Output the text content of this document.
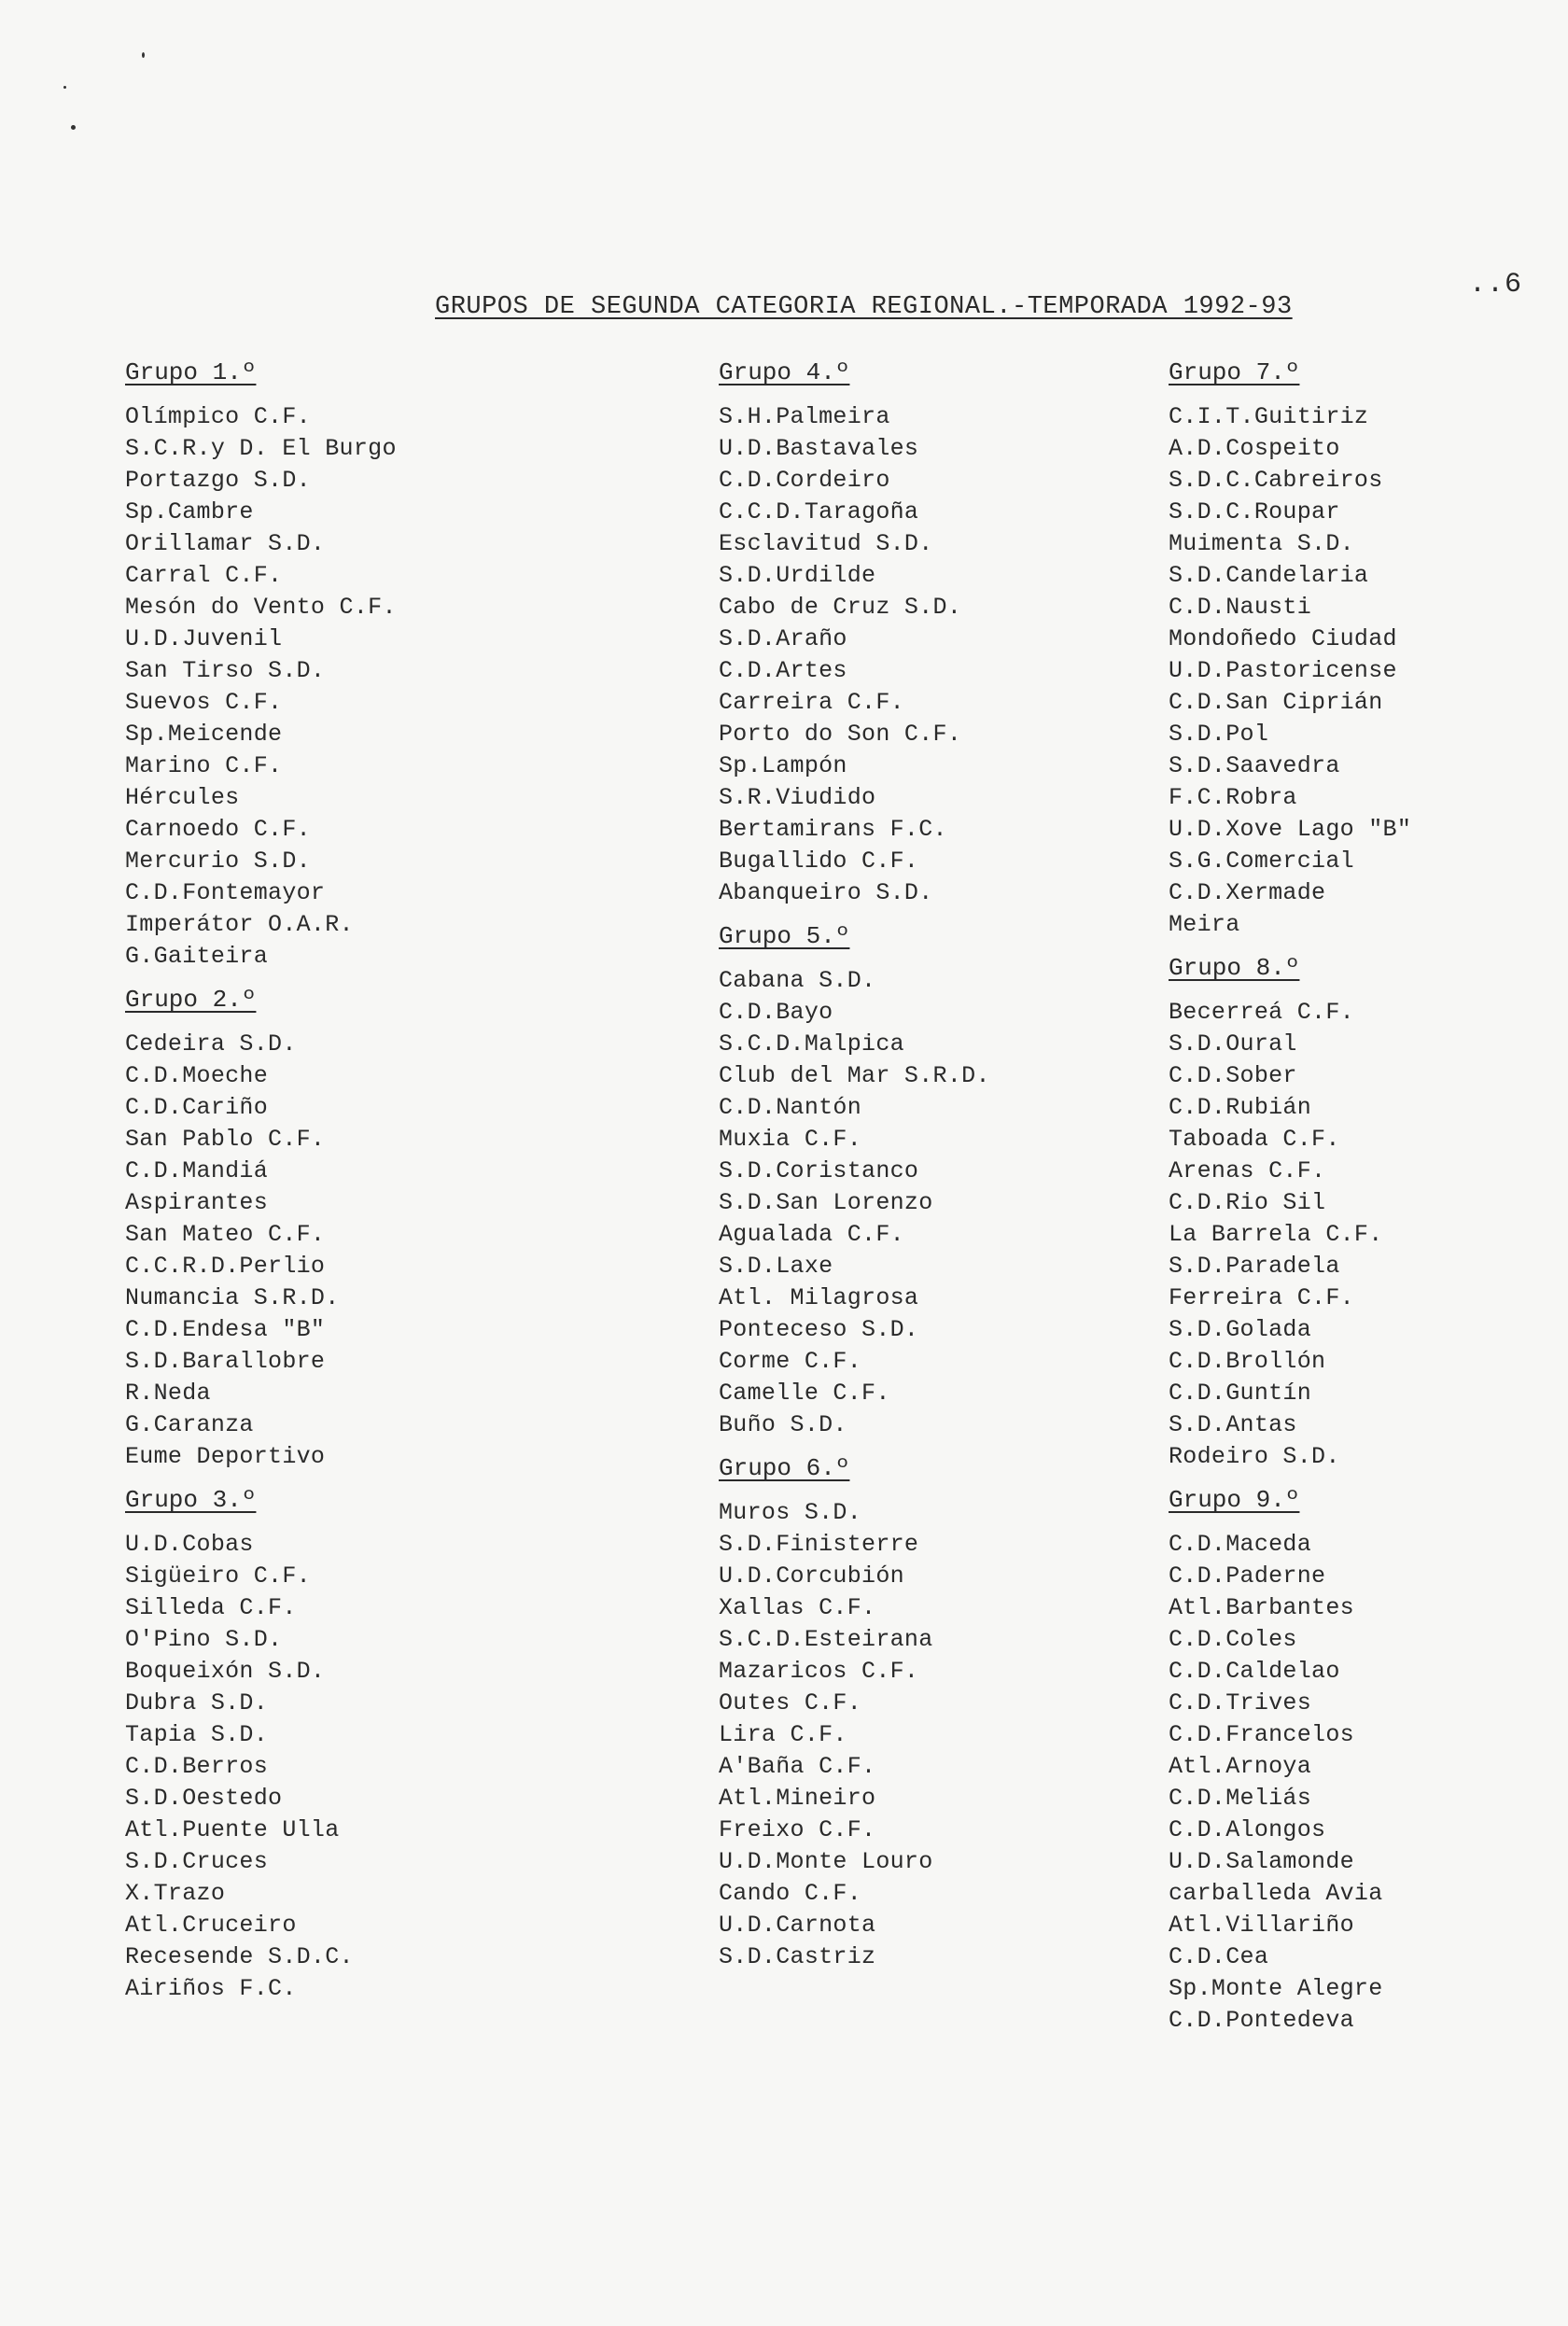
..6
GRUPOS DE SEGUNDA CATEGORIA REGIONAL.-TEMPORADA 1992-93
Grupo 1.º
Olímpico C.F.
S.C.R.y D. El Burgo
Portazgo S.D.
Sp.Cambre
Orillamar S.D.
Carral C.F.
Mesón do Vento C.F.
U.D.Juvenil
San Tirso S.D.
Suevos C.F.
Sp.Meicende
Marino C.F.
Hércules
Carnoedo C.F.
Mercurio S.D.
C.D.Fontemayor
Imperátor O.A.R.
G.Gaiteira
Grupo 2.º
Cedeira S.D.
C.D.Moeche
C.D.Cariño
San Pablo C.F.
C.D.Mandiá
Aspirantes
San Mateo C.F.
C.C.R.D.Perlio
Numancia S.R.D.
C.D.Endesa "B"
S.D.Barallobre
R.Neda
G.Caranza
Eume Deportivo
Grupo 3.º
U.D.Cobas
Sigüeiro C.F.
Silleda C.F.
O'Pino S.D.
Boqueixón S.D.
Dubra S.D.
Tapia S.D.
C.D.Berros
S.D.Oestedo
Atl.Puente Ulla
S.D.Cruces
X.Trazo
Atl.Cruceiro
Recesende S.D.C.
Airiños F.C.
Grupo 4.º
S.H.Palmeira
U.D.Bastavales
C.D.Cordeiro
C.C.D.Taragoña
Esclavitud S.D.
S.D.Urdilde
Cabo de Cruz S.D.
S.D.Araño
C.D.Artes
Carreira C.F.
Porto do Son C.F.
Sp.Lampón
S.R.Viudido
Bertamirans F.C.
Bugallido C.F.
Abanqueiro S.D.
Grupo 5.º
Cabana S.D.
C.D.Bayo
S.C.D.Malpica
Club del Mar S.R.D.
C.D.Nantón
Muxia C.F.
S.D.Coristanco
S.D.San Lorenzo
Agualada C.F.
S.D.Laxe
Atl. Milagrosa
Ponteceso S.D.
Corme C.F.
Camelle C.F.
Buño S.D.
Grupo 6.º
Muros S.D.
S.D.Finisterre
U.D.Corcubión
Xallas C.F.
S.C.D.Esteirana
Mazaricos C.F.
Outes C.F.
Lira C.F.
A'Baña C.F.
Atl.Mineiro
Freixo C.F.
U.D.Monte Louro
Cando C.F.
U.D.Carnota
S.D.Castriz
Grupo 7.º
C.I.T.Guitiriz
A.D.Cospeito
S.D.C.Cabreiros
S.D.C.Roupar
Muimenta S.D.
S.D.Candelaria
C.D.Nausti
Mondoñedo Ciudad
U.D.Pastoricense
C.D.San Ciprián
S.D.Pol
S.D.Saavedra
F.C.Robra
U.D.Xove Lago "B"
S.G.Comercial
C.D.Xermade
Meira
Grupo 8.º
Becerreá C.F.
S.D.Oural
C.D.Sober
C.D.Rubián
Taboada C.F.
Arenas C.F.
C.D.Rio Sil
La Barrela C.F.
S.D.Paradela
Ferreira C.F.
S.D.Golada
C.D.Brollón
C.D.Guntín
S.D.Antas
Rodeiro S.D.
Grupo 9.º
C.D.Maceda
C.D.Paderne
Atl.Barbantes
C.D.Coles
C.D.Caldelao
C.D.Trives
C.D.Francelos
Atl.Arnoya
C.D.Meliás
C.D.Alongos
U.D.Salamonde
carballeda Avia
Atl.Villariño
C.D.Cea
Sp.Monte Alegre
C.D.Pontedeva
